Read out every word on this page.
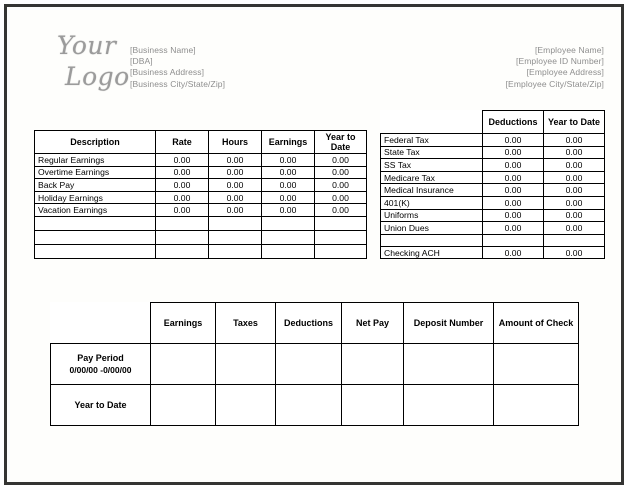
Your
Logo
[Business Name]
[DBA]
[Business Address]
[Business City/State/Zip]
[Employee Name]
[Employee ID Number]
[Employee Address]
[Employee City/State/Zip]
Description	Rate	Hours	Earnings	Year to Date
Regular Earnings	0.00	0.00	0.00	0.00
Overtime Earnings	0.00	0.00	0.00	0.00
Back Pay	0.00	0.00	0.00	0.00
Holiday Earnings	0.00	0.00	0.00	0.00
Vacation Earnings	0.00	0.00	0.00	0.00

	Deductions	Year to Date
Federal Tax	0.00	0.00
State Tax	0.00	0.00
SS Tax	0.00	0.00
Medicare Tax	0.00	0.00
Medical Insurance	0.00	0.00
401(K)	0.00	0.00
Uniforms	0.00	0.00
Union Dues	0.00	0.00

Checking ACH	0.00	0.00
	Earnings	Taxes	Deductions	Net Pay	Deposit Number	Amount of Check
Pay Period
0/00/00 -0/00/00						

Year to Date						
